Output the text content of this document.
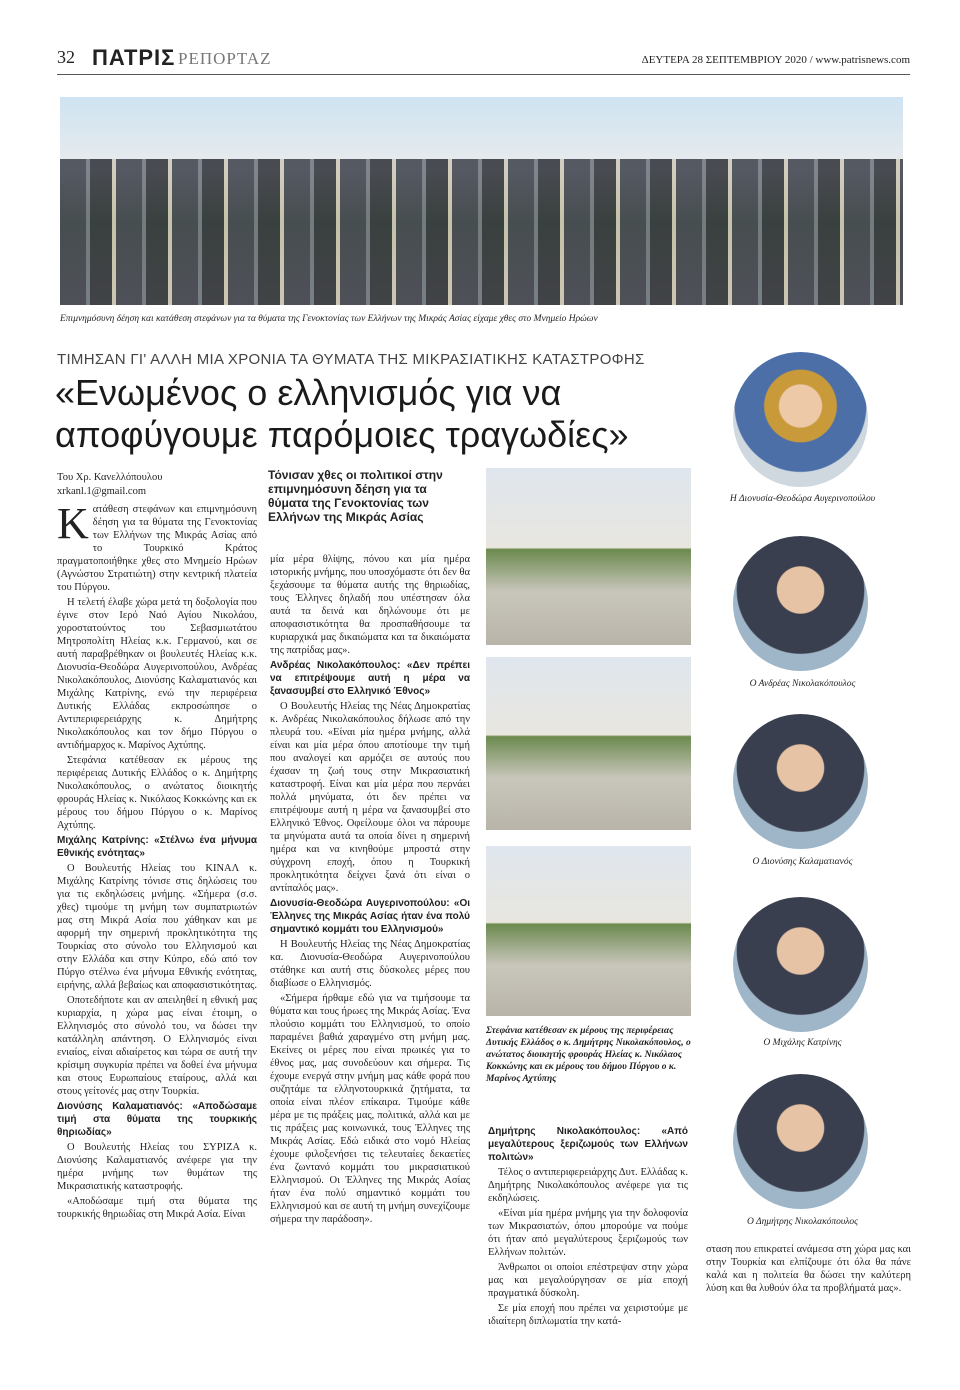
32 ΠΑΤΡΙΣ ΡΕΠΟΡΤΑΖ	ΔΕΥΤΕΡΑ 28 ΣΕΠΤΕΜΒΡΙΟΥ 2020 / www.patrisnews.com
Επιμνημόσυνη δέηση και κατάθεση στεφάνων για τα θύματα της Γενοκτονίας των Ελλήνων της Μικράς Ασίας είχαμε χθες στο Μνημείο Ηρώων
ΤΙΜΗΣΑΝ ΓΙ' ΑΛΛΗ ΜΙΑ ΧΡΟΝΙΑ ΤΑ ΘΥΜΑΤΑ ΤΗΣ ΜΙΚΡΑΣΙΑΤΙΚΗΣ ΚΑΤΑΣΤΡΟΦΗΣ
«Ενωμένος ο ελληνισμός για να αποφύγουμε παρόμοιες τραγωδίες»
Του Χρ. Κανελλόπουλου
xrkanl.1@gmail.com

Κατάθεση στεφάνων και επιμνημόσυνη δέηση για τα θύματα της Γενοκτονίας των Ελλήνων της Μικράς Ασίας από το Τουρκικό Κράτος πραγματοποιήθηκε χθες στο Μνημείο Ηρώων (Αγνώστου Στρατιώτη) στην κεντρική πλατεία του Πύργου.

Η τελετή έλαβε χώρα μετά τη δοξολογία που έγινε στον Ιερό Ναό Αγίου Νικολάου, χοροστατούντος του Σεβασμιωτάτου Μητροπολίτη Ηλείας κ.κ. Γερμανού, και σε αυτή παραβρέθηκαν οι βουλευτές Ηλείας κ.κ. Διονυσία-Θεοδώρα Αυγερινοπούλου, Ανδρέας Νικολακόπουλος, Διονύσης Καλαματιανός και Μιχάλης Κατρίνης, ενώ την περιφέρεια Δυτικής Ελλάδας εκπροσώπησε ο Αντιπεριφερειάρχης κ. Δημήτρης Νικολακόπουλος και τον δήμο Πύργου ο αντιδήμαρχος κ. Μαρίνος Αχτύπης.

Στεφάνια κατέθεσαν εκ μέρους της περιφέρειας Δυτικής Ελλάδος ο κ. Δημήτρης Νικολακόπουλος, ο ανώτατος διοικητής φρουράς Ηλείας κ. Νικόλαος Κοκκώνης και εκ μέρους του δήμου Πύργου ο κ. Μαρίνος Αχτύπης.

Μιχάλης Κατρίνης: «Στέλνω ένα μήνυμα Εθνικής ενότητας»

Ο Βουλευτής Ηλείας του ΚΙΝΑΛ κ. Μιχάλης Κατρίνης τόνισε στις δηλώσεις του για τις εκδηλώσεις μνήμης. «Σήμερα (σ.σ. χθες) τιμούμε τη μνήμη των συμπατριωτών μας στη Μικρά Ασία που χάθηκαν και με αφορμή την σημερινή προκλητικότητα της Τουρκίας στο σύνολο του Ελληνισμού και στην Ελλάδα και στην Κύπρο, εδώ από τον Πύργο στέλνω ένα μήνυμα Εθνικής ενότητας, ειρήνης, αλλά βεβαίως και αποφασιστικότητας.

Οποτεδήποτε και αν απειληθεί η εθνική μας κυριαρχία, η χώρα μας είναι έτοιμη, ο Ελληνισμός στο σύνολό του, να δώσει την κατάλληλη απάντηση. Ο Ελληνισμός είναι ενιαίος, είναι αδιαίρετος και τώρα σε αυτή την κρίσιμη συγκυρία πρέπει να δοθεί ένα μήνυμα και στους Ευρωπαίους εταίρους, αλλά και στους γείτονές μας στην Τουρκία.

Διονύσης Καλαματιανός: «Αποδώσαμε τιμή στα θύματα της τουρκικής θηριωδίας»

Ο Βουλευτής Ηλείας του ΣΥΡΙΖΑ κ. Διονύσης Καλαματιανός ανέφερε για την ημέρα μνήμης των θυμάτων της Μικρασιατικής καταστροφής.

«Αποδώσαμε τιμή στα θύματα της τουρκικής θηριωδίας στη Μικρά Ασία. Είναι

Τόνισαν χθες οι πολιτικοί στην επιμνημόσυνη δέηση για τα θύματα της Γενοκτονίας των Ελλήνων της Μικράς Ασίας

μία μέρα θλίψης, πόνου και μία ημέρα ιστορικής μνήμης, που υποσχόμαστε ότι δεν θα ξεχάσουμε τα θύματα αυτής της θηριωδίας, τους Έλληνες δηλαδή που υπέστησαν όλα αυτά τα δεινά και δηλώνουμε ότι με αποφασιστικότητα θα προσπαθήσουμε τα κυριαρχικά μας δικαιώματα και τα δικαιώματα της πατρίδας μας».

Ανδρέας Νικολακόπουλος: «Δεν πρέπει να επιτρέψουμε αυτή η μέρα να ξανασυμβεί στο Ελληνικό Έθνος»

Ο Βουλευτής Ηλείας της Νέας Δημοκρατίας κ. Ανδρέας Νικολακόπουλος δήλωσε από την πλευρά του. «Είναι μία ημέρα μνήμης, αλλά είναι και μία μέρα όπου αποτίουμε την τιμή που αναλογεί και αρμόζει σε αυτούς που έχασαν τη ζωή τους στην Μικρασιατική καταστροφή. Είναι και μία μέρα που περνάει πολλά μηνύματα, ότι δεν πρέπει να επιτρέψουμε αυτή η μέρα να ξανασυμβεί στο Ελληνικό Έθνος. Οφείλουμε όλοι να πάρουμε τα μηνύματα αυτά τα οποία δίνει η σημερινή ημέρα και να κινηθούμε μπροστά στην σύγχρονη εποχή, όπου η Τουρκική προκλητικότητα δείχνει ξανά ότι είναι ο αντίπαλός μας».

Διονυσία-Θεοδώρα Αυγερινοπούλου: «Οι Έλληνες της Μικράς Ασίας ήταν ένα πολύ σημαντικό κομμάτι του Ελληνισμού»

Η Βουλευτής Ηλείας της Νέας Δημοκρατίας κα. Διονυσία-Θεοδώρα Αυγερινοπούλου στάθηκε και αυτή στις δύσκολες μέρες που διαβίωσε ο Ελληνισμός.

«Σήμερα ήρθαμε εδώ για να τιμήσουμε τα θύματα και τους ήρωες της Μικράς Ασίας. Ένα πλούσιο κομμάτι του Ελληνισμού, το οποίο παραμένει βαθιά χαραγμένο στη μνήμη μας. Εκείνες οι μέρες που είναι πρωικές για το έθνος μας, μας συνοδεύουν και σήμερα. Τις έχουμε ενεργά στην μνήμη μας κάθε φορά που συζητάμε τα ελληνοτουρκικά ζητήματα, τα οποία είναι πλέον επίκαιρα. Τιμούμε κάθε μέρα με τις πράξεις μας, πολιτικά, αλλά και με τις πράξεις μας κοινωνικά, τους Έλληνες της Μικράς Ασίας. Εδώ ειδικά στο νομό Ηλείας έχουμε φιλοξενήσει τις τελευταίες δεκαετίες ένα ζωντανό κομμάτι του μικρασιατικού Ελληνισμού. Οι Έλληνες της Μικράς Ασίας ήταν ένα πολύ σημαντικό κομμάτι του Ελληνισμού και σε αυτή τη μνήμη συνεχίζουμε σήμερα την παράδοση».

Στεφάνια κατέθεσαν εκ μέρους της περιφέρειας Δυτικής Ελλάδος ο κ. Δημήτρης Νικολακόπουλος, ο ανώτατος διοικητής φρουράς Ηλείας κ. Νικόλαος Κοκκώνης και εκ μέρους του δήμου Πύργου ο κ. Μαρίνος Αχτύπης

Δημήτρης Νικολακόπουλος: «Από μεγαλύτερους ξεριζωμούς των Ελλήνων πολιτών»

Τέλος ο αντιπεριφερειάρχης Δυτ. Ελλάδας κ. Δημήτρης Νικολακόπουλος ανέφερε για τις εκδηλώσεις.

«Είναι μία ημέρα μνήμης για την δολοφονία των Μικρασιατών, όπου μπορούμε να πούμε ότι ήταν από μεγαλύτερους ξεριζωμούς των Ελλήνων πολιτών.

Άνθρωποι οι οποίοι επέστρεψαν στην χώρα μας και μεγαλούργησαν σε μία εποχή πραγματικά δύσκολη.

Σε μία εποχή που πρέπει να χειριστούμε με ιδιαίτερη διπλωματία την κατά-

σταση που επικρατεί ανάμεσα στη χώρα μας και στην Τουρκία και ελπίζουμε ότι όλα θα πάνε καλά και η πολιτεία θα δώσει την καλύτερη λύση και θα λυθούν όλα τα προβλήματά μας».

Η Διονυσία-Θεοδώρα Αυγερινοπούλου
Ο Ανδρέας Νικολακόπουλος
Ο Διονύσης Καλαματιανός
Ο Μιχάλης Κατρίνης
Ο Δημήτρης Νικολακόπουλος
